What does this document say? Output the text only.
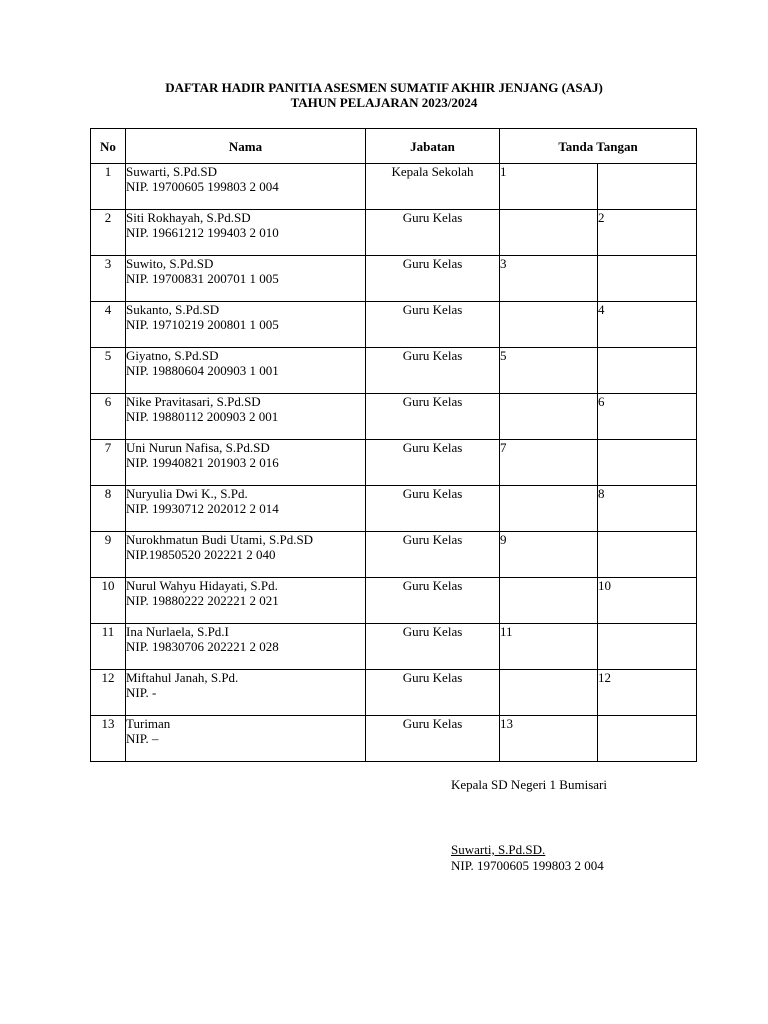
DAFTAR HADIR PANITIA ASESMEN SUMATIF AKHIR JENJANG (ASAJ)
TAHUN PELAJARAN 2023/2024
No	Nama	Jabatan	Tanda Tangan	
1	Suwarti, S.Pd.SD
NIP. 19700605 199803 2 004	Kepala Sekolah	1	
2	Siti Rokhayah, S.Pd.SD
NIP. 19661212 199403 2 010	Guru Kelas		2
3	Suwito, S.Pd.SD
NIP. 19700831 200701 1 005	Guru Kelas	3	
4	Sukanto, S.Pd.SD
NIP. 19710219 200801 1 005	Guru Kelas		4
5	Giyatno, S.Pd.SD
NIP. 19880604 200903 1 001	Guru Kelas	5	
6	Nike Pravitasari, S.Pd.SD
NIP. 19880112 200903 2 001	Guru Kelas		6
7	Uni Nurun Nafisa, S.Pd.SD
NIP. 19940821 201903 2 016	Guru Kelas	7	
8	Nuryulia Dwi K., S.Pd.
NIP. 19930712 202012 2 014	Guru Kelas		8
9	Nurokhmatun Budi Utami, S.Pd.SD
NIP.19850520 202221 2 040	Guru Kelas	9	
10	Nurul Wahyu Hidayati, S.Pd.
NIP. 19880222 202221 2 021	Guru Kelas		10
11	Ina Nurlaela, S.Pd.I
NIP. 19830706 202221 2 028	Guru Kelas	11	
12	Miftahul Janah, S.Pd.
NIP. -	Guru Kelas		12
13	Turiman
NIP. –	Guru Kelas	13	
Kepala SD Negeri 1 Bumisari
Suwarti, S.Pd.SD.
NIP. 19700605 199803 2 004
